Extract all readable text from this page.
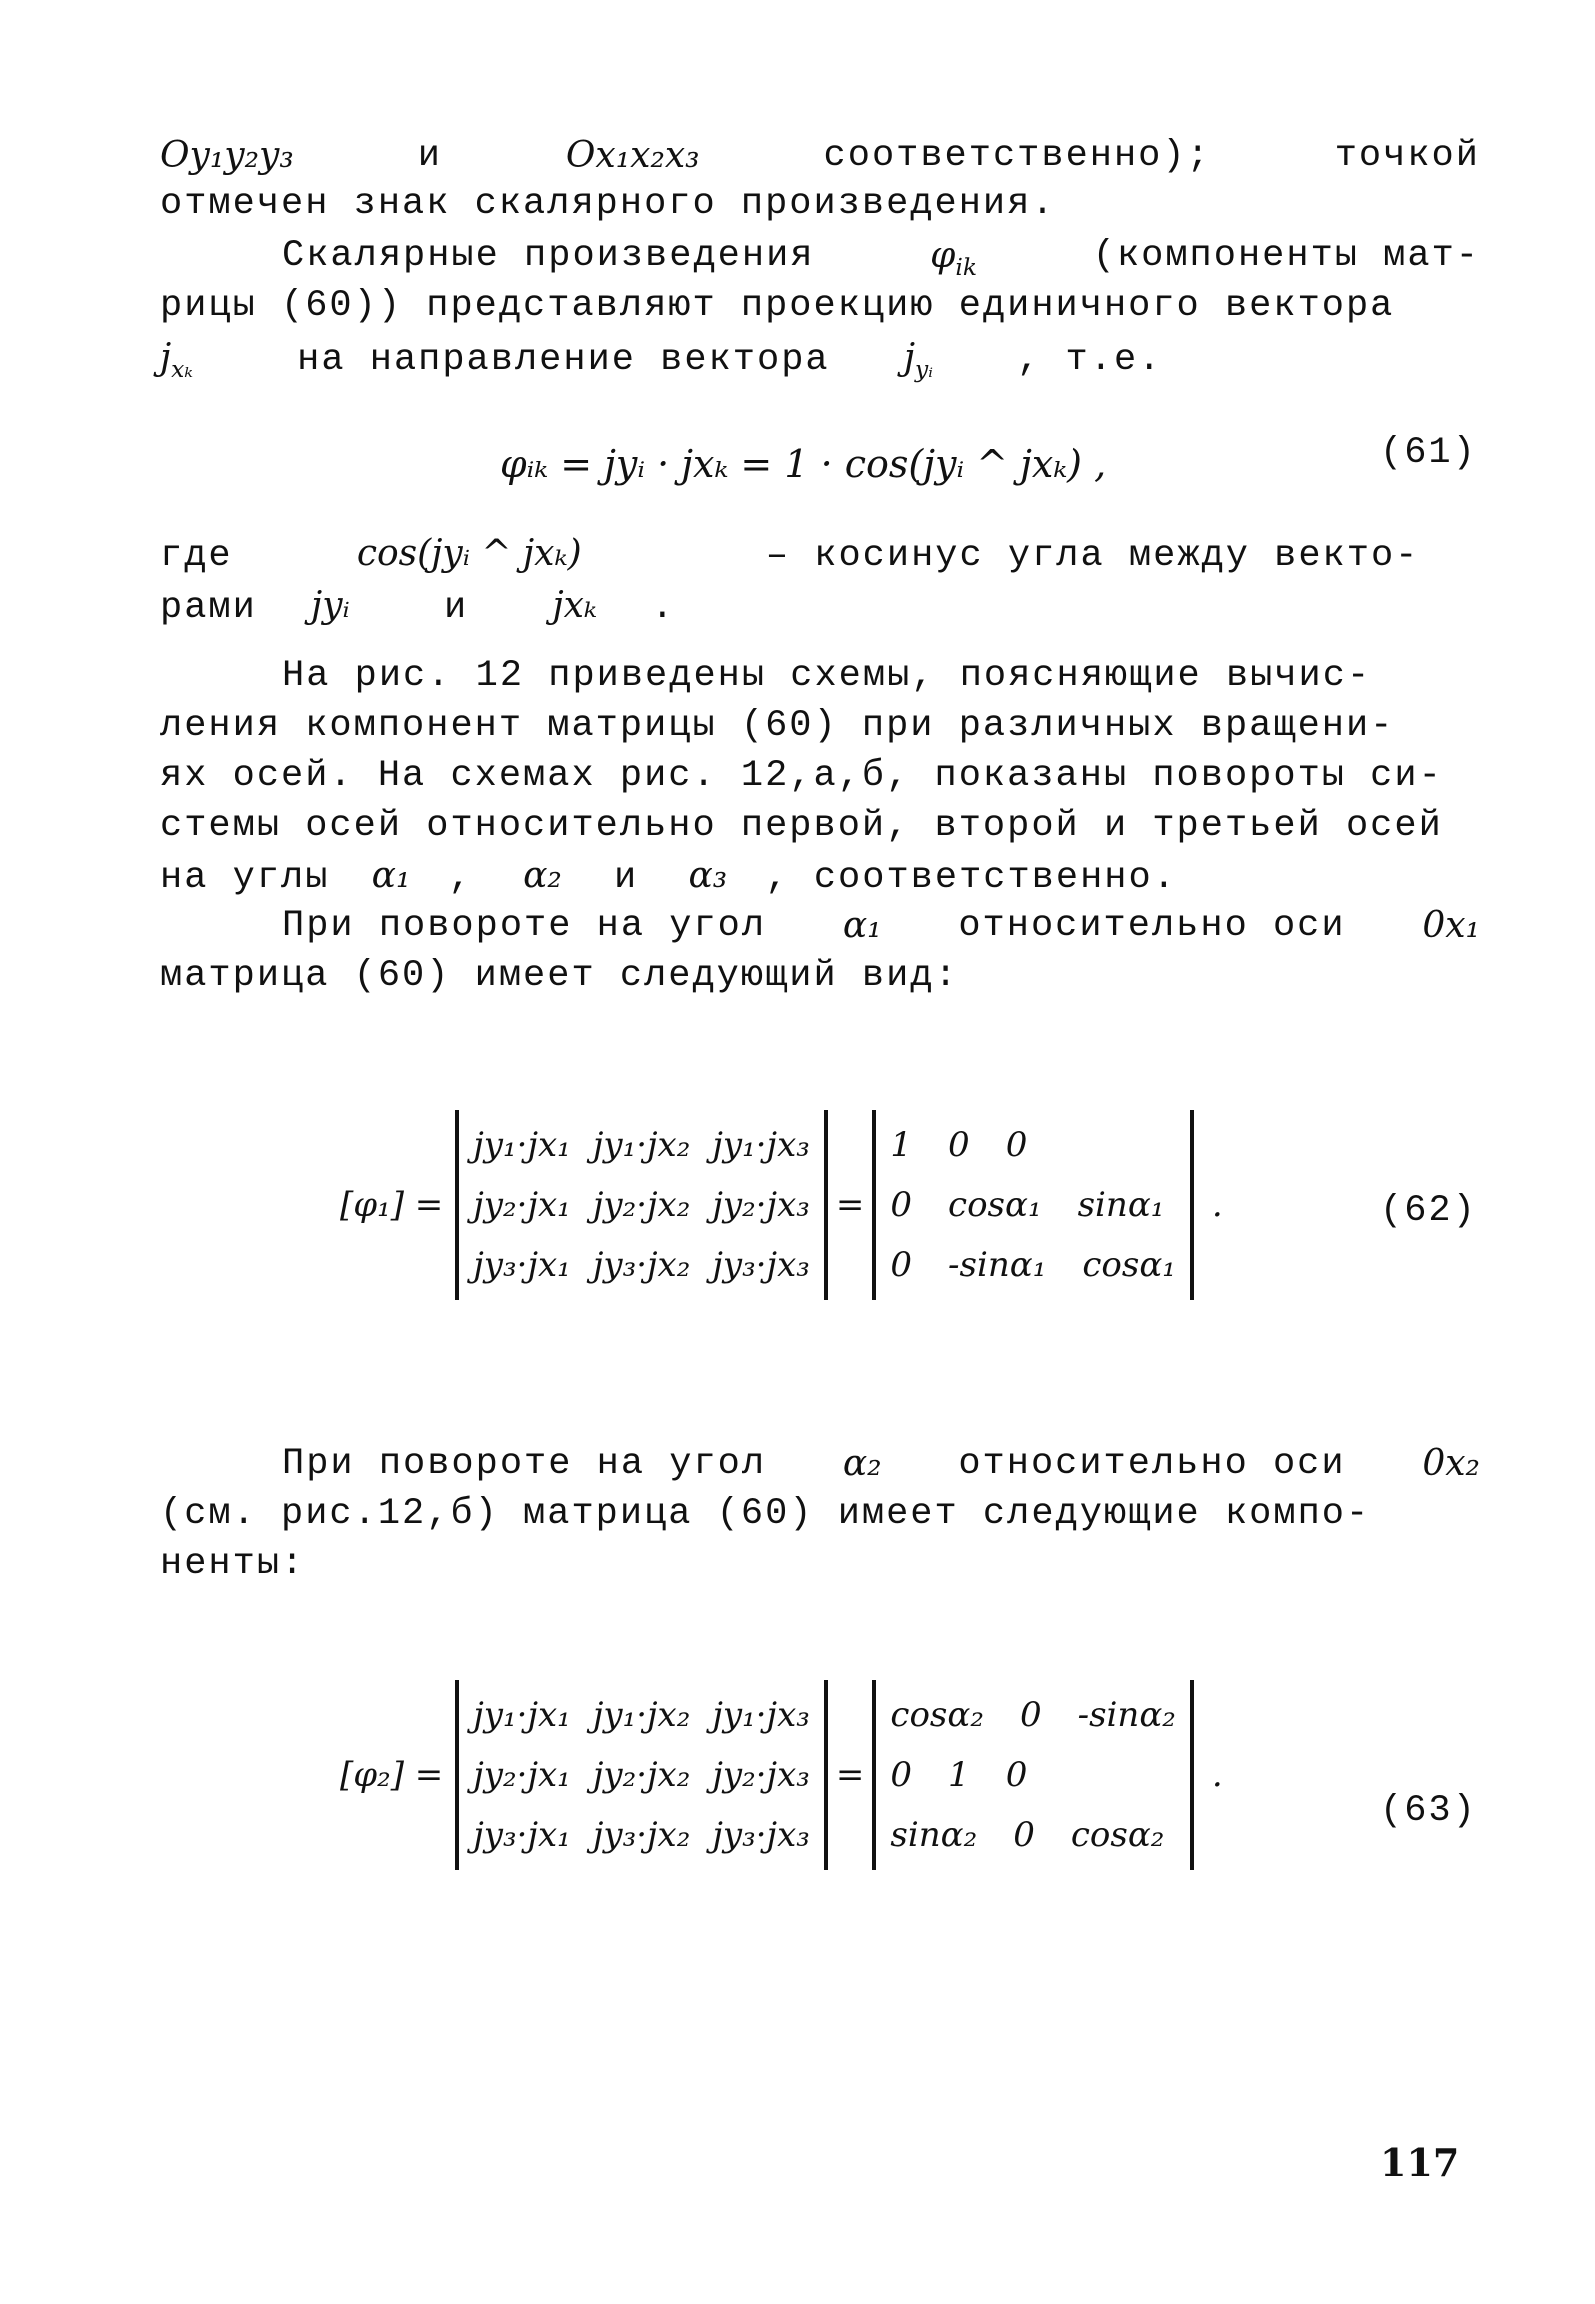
Oy₁y₂y₃	и	Ox₁x₂x₃	соответственно);	точкой
отмечен знак скалярного произведения.
Скалярные произведения	$\varphi_{ik}$	(компоненты мат-
рицы (60)) представляют проекцию единичного вектора
$j_{x_k}$	на направление вектора $j_{yᵢ}$ , т.е.
φᵢₖ = jyᵢ · jxₖ = 1 · cos(jyᵢ ^ jxₖ) ,	(61)
где	cos(jyᵢ ^ jxₖ)	– косинус угла между векто-
рами jyᵢ	и jxₖ .
На рис. 12 приведены схемы, поясняющие вычис-
ления компонент матрицы (60) при различных вращени-
ях осей. На схемах рис. 12,а,б, показаны повороты си-
стемы осей относительно первой, второй и третьей осей
на углы α₁ , α₂ и α₃ , соответственно.
При повороте на угол α₁ относительно оси 0x₁
матрица (60) имеет следующий вид:
[φ₁] =
jy₁·jx₁ jy₁·jx₂ jy₁·jx₃
jy₂·jx₁ jy₂·jx₂ jy₂·jx₃
jy₃·jx₁ jy₃·jx₂ jy₃·jx₃
=
1 0 0
0 cosα₁ sinα₁
0 -sinα₁ cosα₁
.	(62)
При повороте на угол α₂ относительно оси 0x₂
(см. рис.12,б) матрица (60) имеет следующие компо-
ненты:
[φ₂] =
jy₁·jx₁ jy₁·jx₂ jy₁·jx₃
jy₂·jx₁ jy₂·jx₂ jy₂·jx₃
jy₃·jx₁ jy₃·jx₂ jy₃·jx₃
=
cosα₂ 0 -sinα₂
0 1 0
sinα₂ 0 cosα₂
.
(63)
117
